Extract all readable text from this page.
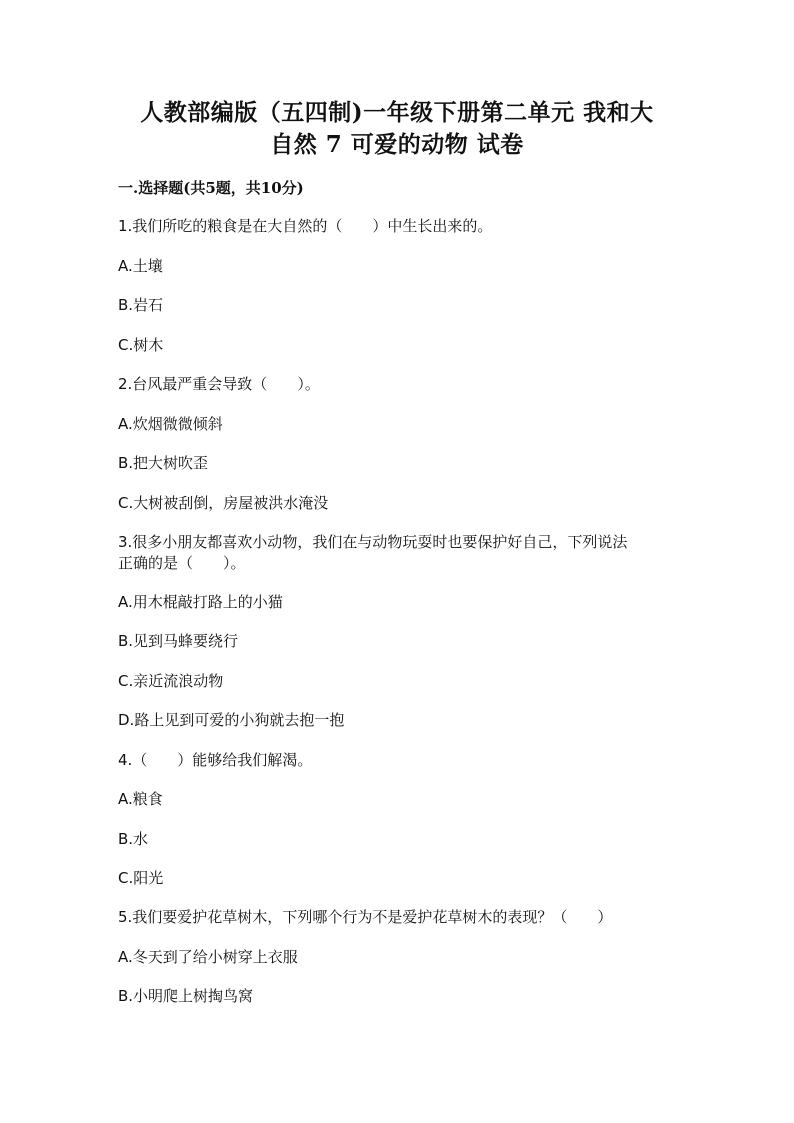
人教部编版（五四制)一年级下册第二单元 我和大
自然 7 可爱的动物 试卷
一.选择题(共5题，共10分)
1.我们所吃的粮食是在大自然的（　　）中生长出来的。
A.土壤
B.岩石
C.树木
2.台风最严重会导致（　　）。
A.炊烟微微倾斜
B.把大树吹歪
C.大树被刮倒，房屋被洪水淹没
3.很多小朋友都喜欢小动物，我们在与动物玩耍时也要保护好自己，下列说法
正确的是（　　）。
A.用木棍敲打路上的小猫
B.见到马蜂要绕行
C.亲近流浪动物
D.路上见到可爱的小狗就去抱一抱
4.（　　）能够给我们解渴。
A.粮食
B.水
C.阳光
5.我们要爱护花草树木，下列哪个行为不是爱护花草树木的表现？（　　）
A.冬天到了给小树穿上衣服
B.小明爬上树掏鸟窝
